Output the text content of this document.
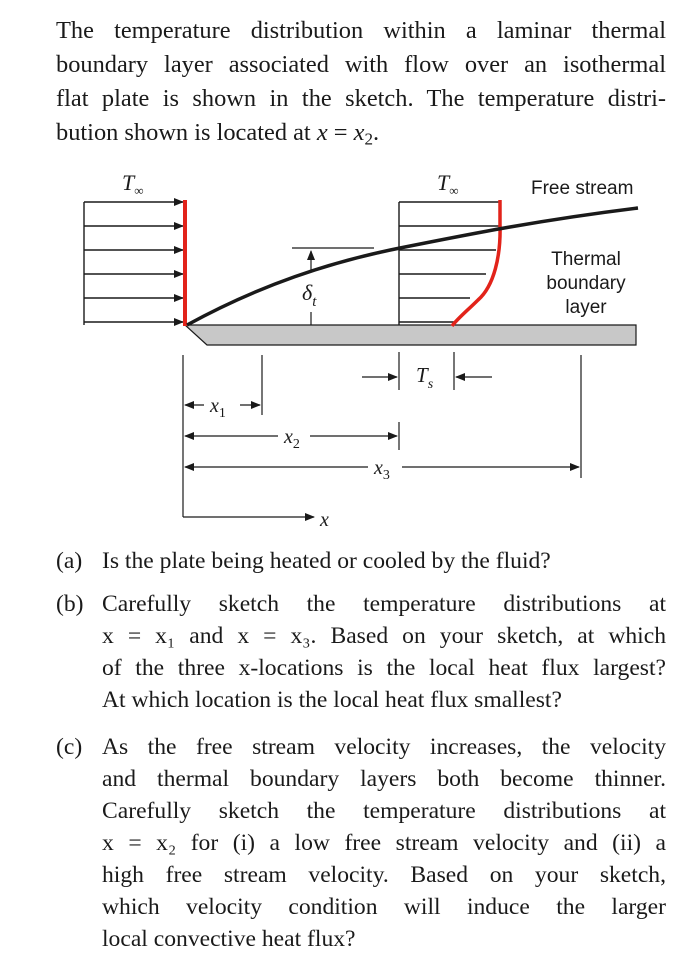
The temperature distribution within a laminar thermal
boundary layer associated with flow over an isothermal
flat plate is shown in the sketch. The temperature distri-
bution shown is located at $x = x_2$.
$\delta_t$
$T_\infty$	$T_\infty$	Free stream
Thermal
boundary
layer
$T_s$
$x_1$
$x_2$
$x_3$
x
(a) Is the plate being heated or cooled by the fluid?
(b) Carefully sketch the temperature distributions at
x = x₁ and x = x₃. Based on your sketch, at which
of the three x-locations is the local heat flux largest?
At which location is the local heat flux smallest?
(c) As the free stream velocity increases, the velocity
and thermal boundary layers both become thinner.
Carefully sketch the temperature distributions at
x = x₂ for (i) a low free stream velocity and (ii) a
high free stream velocity. Based on your sketch,
which velocity condition will induce the larger
local convective heat flux?
